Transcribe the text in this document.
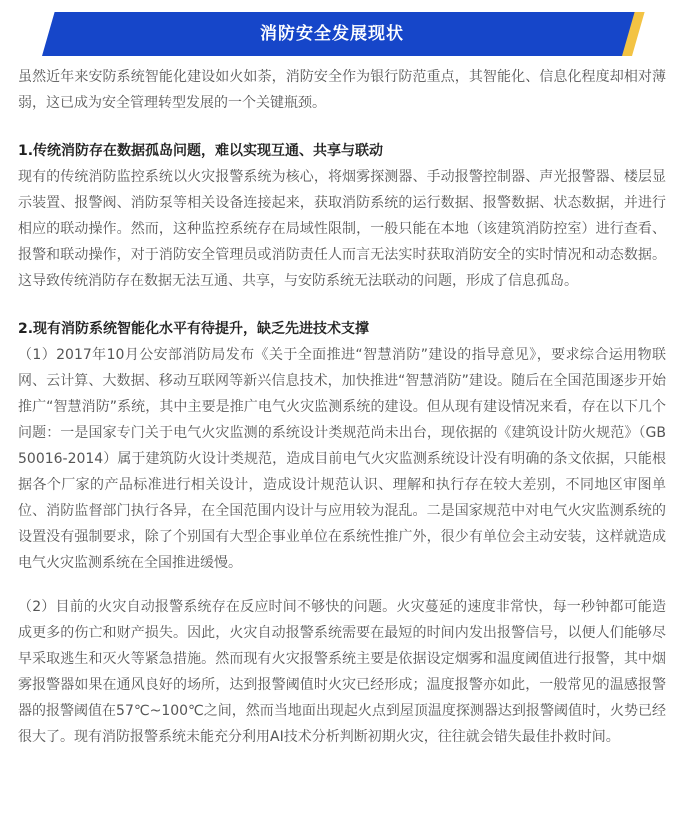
消防安全发展现状

虽然近年来安防系统智能化建设如火如荼，消防安全作为银行防范重点，其智能化、信息化程度却相对薄弱，这已成为安全管理转型发展的一个关键瓶颈。

1.传统消防存在数据孤岛问题，难以实现互通、共享与联动

现有的传统消防监控系统以火灾报警系统为核心，将烟雾探测器、手动报警控制器、声光报警器、楼层显示装置、报警阀、消防泵等相关设备连接起来，获取消防系统的运行数据、报警数据、状态数据，并进行相应的联动操作。然而，这种监控系统存在局域性限制，一般只能在本地（该建筑消防控室）进行查看、报警和联动操作，对于消防安全管理员或消防责任人而言无法实时获取消防安全的实时情况和动态数据。这导致传统消防存在数据无法互通、共享，与安防系统无法联动的问题，形成了信息孤岛。

2.现有消防系统智能化水平有待提升，缺乏先进技术支撑

（1）2017年10月公安部消防局发布《关于全面推进“智慧消防”建设的指导意见》，要求综合运用物联网、云计算、大数据、移动互联网等新兴信息技术，加快推进“智慧消防”建设。随后在全国范围逐步开始推广“智慧消防”系统，其中主要是推广电气火灾监测系统的建设。但从现有建设情况来看，存在以下几个问题：一是国家专门关于电气火灾监测的系统设计类规范尚未出台，现依据的《建筑设计防火规范》（GB 50016-2014）属于建筑防火设计类规范，造成目前电气火灾监测系统设计没有明确的条文依据，只能根据各个厂家的产品标准进行相关设计，造成设计规范认识、理解和执行存在较大差别，不同地区审图单位、消防监督部门执行各异，在全国范围内设计与应用较为混乱。二是国家规范中对电气火灾监测系统的设置没有强制要求，除了个别国有大型企事业单位在系统性推广外，很少有单位会主动安装，这样就造成电气火灾监测系统在全国推进缓慢。

（2）目前的火灾自动报警系统存在反应时间不够快的问题。火灾蔓延的速度非常快，每一秒钟都可能造成更多的伤亡和财产损失。因此，火灾自动报警系统需要在最短的时间内发出报警信号，以便人们能够尽早采取逃生和灭火等紧急措施。然而现有火灾报警系统主要是依据设定烟雾和温度阈值进行报警，其中烟雾报警器如果在通风良好的场所，达到报警阈值时火灾已经形成；温度报警亦如此，一般常见的温感报警器的报警阈值在57℃~100℃之间，然而当地面出现起火点到屋顶温度探测器达到报警阈值时，火势已经很大了。现有消防报警系统未能充分利用AI技术分析判断初期火灾，往往就会错失最佳扑救时间。
